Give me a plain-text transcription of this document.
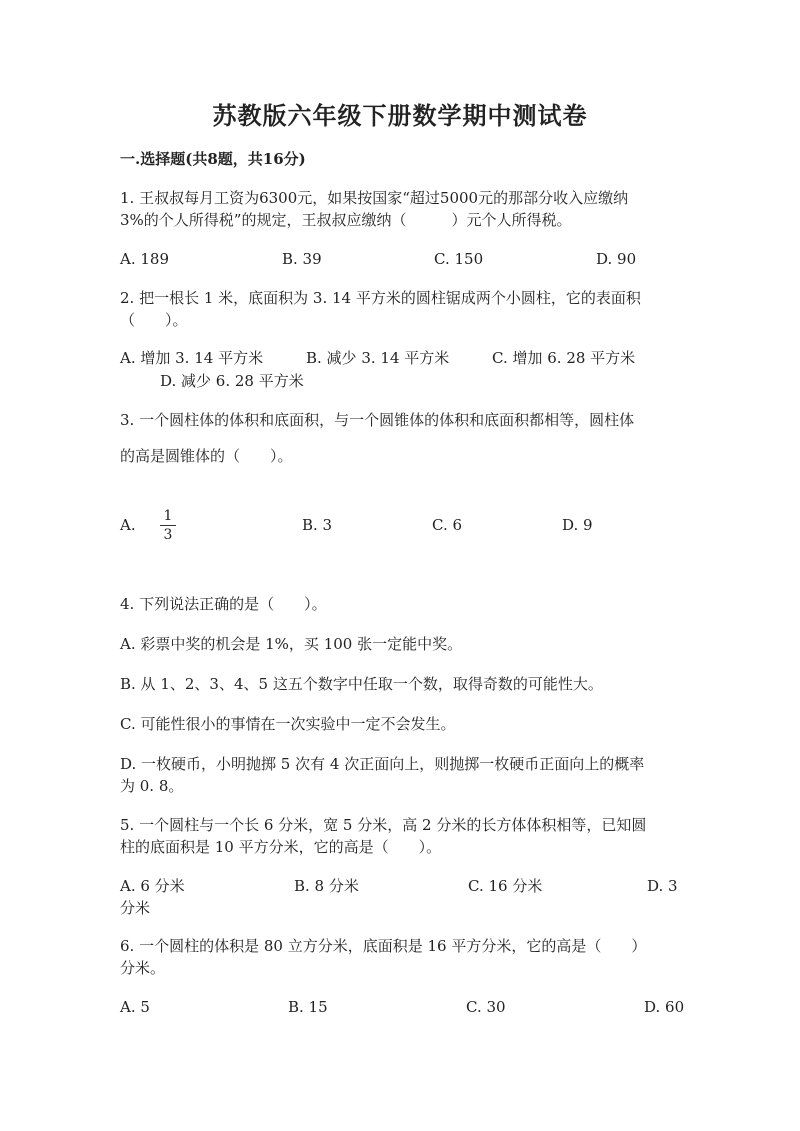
苏教版六年级下册数学期中测试卷
一.选择题(共8题，共16分)
1. 王叔叔每月工资为6300元，如果按国家“超过5000元的那部分收入应缴纳
3%的个人所得税”的规定，王叔叔应缴纳（　　　）元个人所得税。
A. 189	B. 39	C. 150	D. 90
2. 把一根长 1 米，底面积为 3. 14 平方米的圆柱锯成两个小圆柱，它的表面积
（　　）。
A. 增加 3. 14 平方米	B. 减少 3. 14 平方米	C. 增加 6. 28 平方米
D. 减少 6. 28 平方米
3. 一个圆柱体的体积和底面积，与一个圆锥体的体积和底面积都相等，圆柱体
的高是圆锥体的（　　）。
A.	1
3
B. 3	C. 6	D. 9
4. 下列说法正确的是（　　）。
A. 彩票中奖的机会是 1%，买 100 张一定能中奖。
B. 从 1、2、3、4、5 这五个数字中任取一个数，取得奇数的可能性大。
C. 可能性很小的事情在一次实验中一定不会发生。
D. 一枚硬币，小明抛掷 5 次有 4 次正面向上，则抛掷一枚硬币正面向上的概率
为 0. 8。
5. 一个圆柱与一个长 6 分米，宽 5 分米，高 2 分米的长方体体积相等，已知圆
柱的底面积是 10 平方分米，它的高是（　　）。
A. 6 分米	B. 8 分米	C. 16 分米	D. 3
分米
6. 一个圆柱的体积是 80 立方分米，底面积是 16 平方分米，它的高是（　　）
分米。
A. 5	B. 15	C. 30	D. 60
